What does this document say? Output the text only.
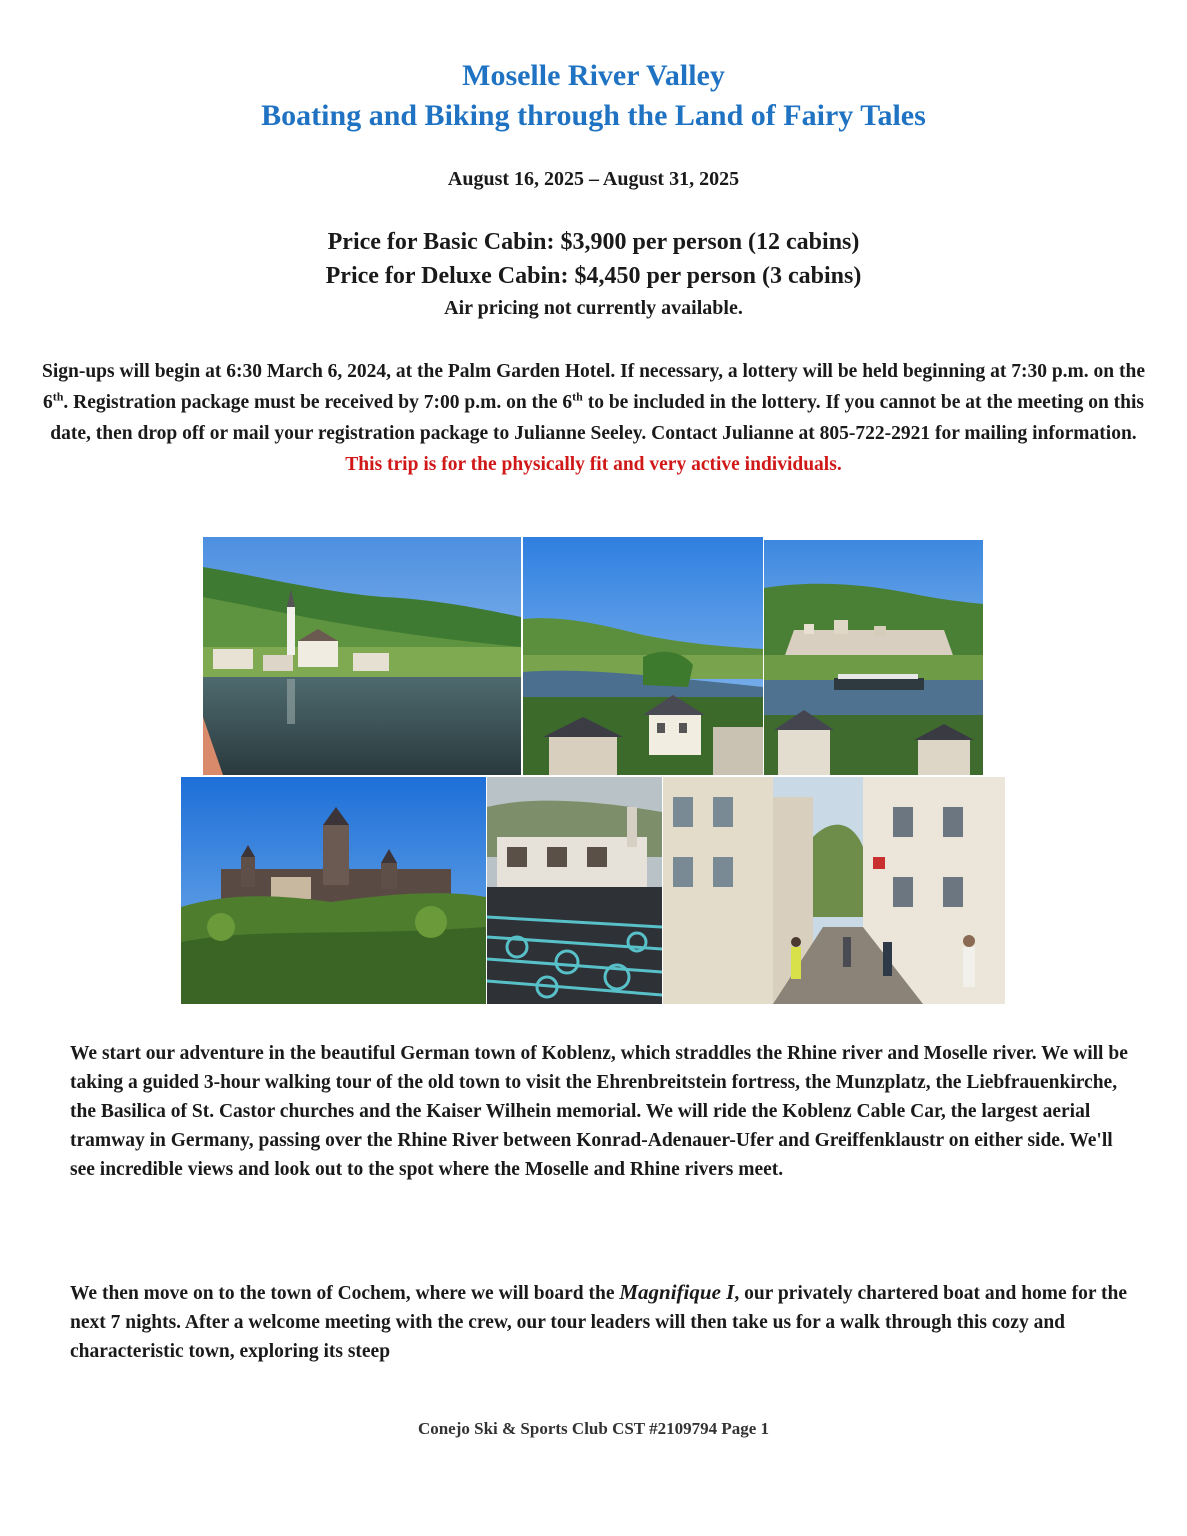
Moselle River Valley
Boating and Biking through the Land of Fairy Tales
August 16, 2025 – August 31, 2025
Price for Basic Cabin: $3,900 per person (12 cabins)
Price for Deluxe Cabin: $4,450 per person (3 cabins)
Air pricing not currently available.
Sign-ups will begin at 6:30 March 6, 2024, at the Palm Garden Hotel. If necessary, a lottery will be held beginning at 7:30 p.m. on the 6th. Registration package must be received by 7:00 p.m. on the 6th to be included in the lottery. If you cannot be at the meeting on this date, then drop off or mail your registration package to Julianne Seeley. Contact Julianne at 805-722-2921 for mailing information.
This trip is for the physically fit and very active individuals.

We start our adventure in the beautiful German town of Koblenz, which straddles the Rhine river and Moselle river. We will be taking a guided 3-hour walking tour of the old town to visit the Ehrenbreitstein fortress, the Munzplatz, the Liebfrauenkirche, the Basilica of St. Castor churches and the Kaiser Wilhein memorial. We will ride the Koblenz Cable Car, the largest aerial tramway in Germany, passing over the Rhine River between Konrad-Adenauer-Ufer and Greiffenklaustr on either side. We'll see incredible views and look out to the spot where the Moselle and Rhine rivers meet.

We then move on to the town of Cochem, where we will board the Magnifique I, our privately chartered boat and home for the next 7 nights. After a welcome meeting with the crew, our tour leaders will then take us for a walk through this cozy and characteristic town, exploring its steep

Conejo Ski & Sports Club CST #2109794 Page 1
